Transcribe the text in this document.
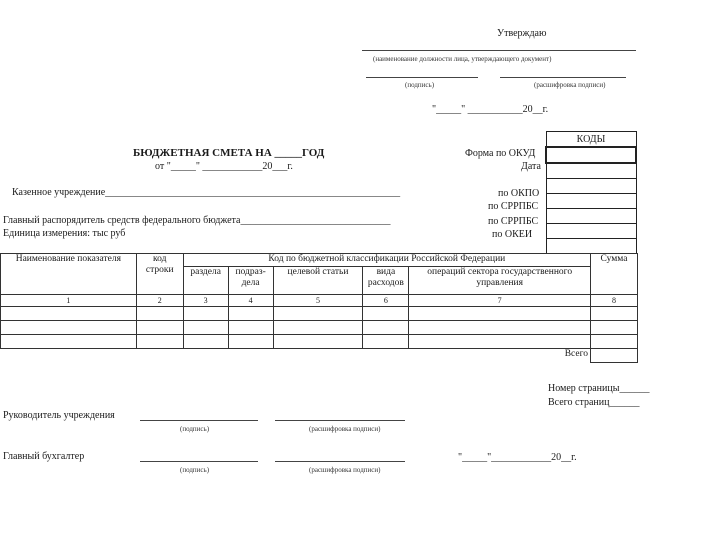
Утверждаю
(наименование должности лица, утверждающего документ)
(подпись)	(расшифровка подписи)
"_____" ___________20__г.
БЮДЖЕТНАЯ СМЕТА НА _____ГОД
от "_____" ____________20___г.
Форма по ОКУД
Дата
по ОКПО
по СРРПБС
по СРРПБС
по ОКЕИ
КОДЫ

Казенное учреждение___________________________________________________________
Главный распорядитель средств федерального бюджета______________________________
Единица измерения: тыс руб
Наименование показателя	код строки	Код по бюджетной классификации Российской Федерации					Сумма
		раздела	подраз-дела	целевой статьи	вида расходов	операций сектора государственного управления	
1	2	3	4	5	6	7	8

Всего							
Номер страницы______
Всего страниц______
Руководитель учреждения
(подпись)	(расшифровка подписи)
Главный бухгалтер
(подпись)	(расшифровка подписи)
"_____"____________20__г.
